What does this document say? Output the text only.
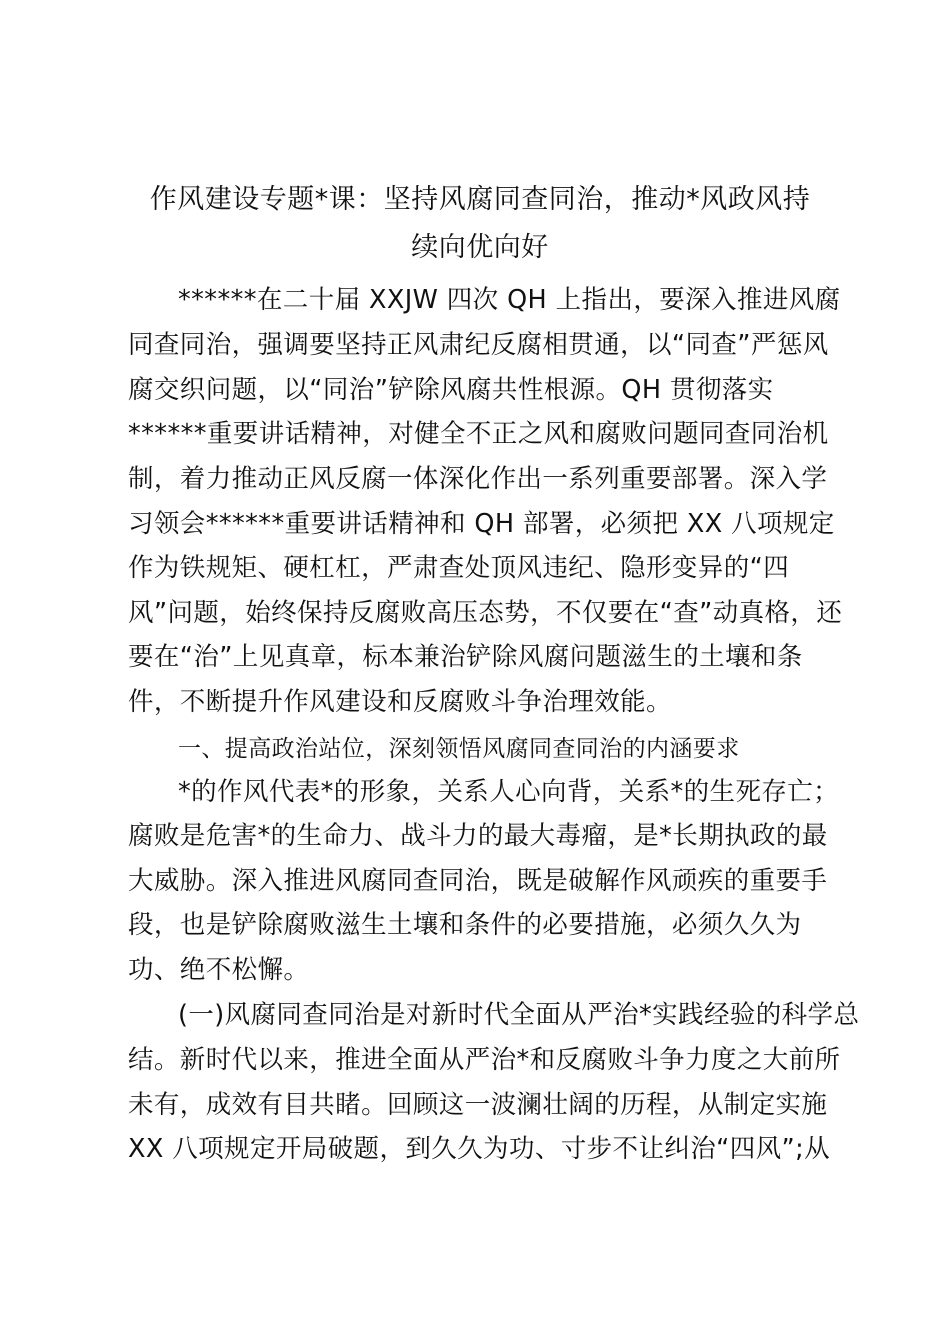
作风建设专题*课：坚持风腐同查同治，推动*风政风持
续向优向好
******在二十届 XXJW 四次 QH 上指出，要深入推进风腐
同查同治，强调要坚持正风肃纪反腐相贯通，以“同查”严惩风
腐交织问题，以“同治”铲除风腐共性根源。QH 贯彻落实
******重要讲话精神，对健全不正之风和腐败问题同查同治机
制，着力推动正风反腐一体深化作出一系列重要部署。深入学
习领会******重要讲话精神和 QH 部署，必须把 XX 八项规定
作为铁规矩、硬杠杠，严肃查处顶风违纪、隐形变异的“四
风”问题，始终保持反腐败高压态势，不仅要在“查”动真格，还
要在“治”上见真章，标本兼治铲除风腐问题滋生的土壤和条
件，不断提升作风建设和反腐败斗争治理效能。
一、提高政治站位，深刻领悟风腐同查同治的内涵要求
*的作风代表*的形象，关系人心向背，关系*的生死存亡；
腐败是危害*的生命力、战斗力的最大毒瘤，是*长期执政的最
大威胁。深入推进风腐同查同治，既是破解作风顽疾的重要手
段，也是铲除腐败滋生土壤和条件的必要措施，必须久久为
功、绝不松懈。
(一)风腐同查同治是对新时代全面从严治*实践经验的科学总
结。新时代以来，推进全面从严治*和反腐败斗争力度之大前所
未有，成效有目共睹。回顾这一波澜壮阔的历程，从制定实施
XX 八项规定开局破题，到久久为功、寸步不让纠治“四风”;从
